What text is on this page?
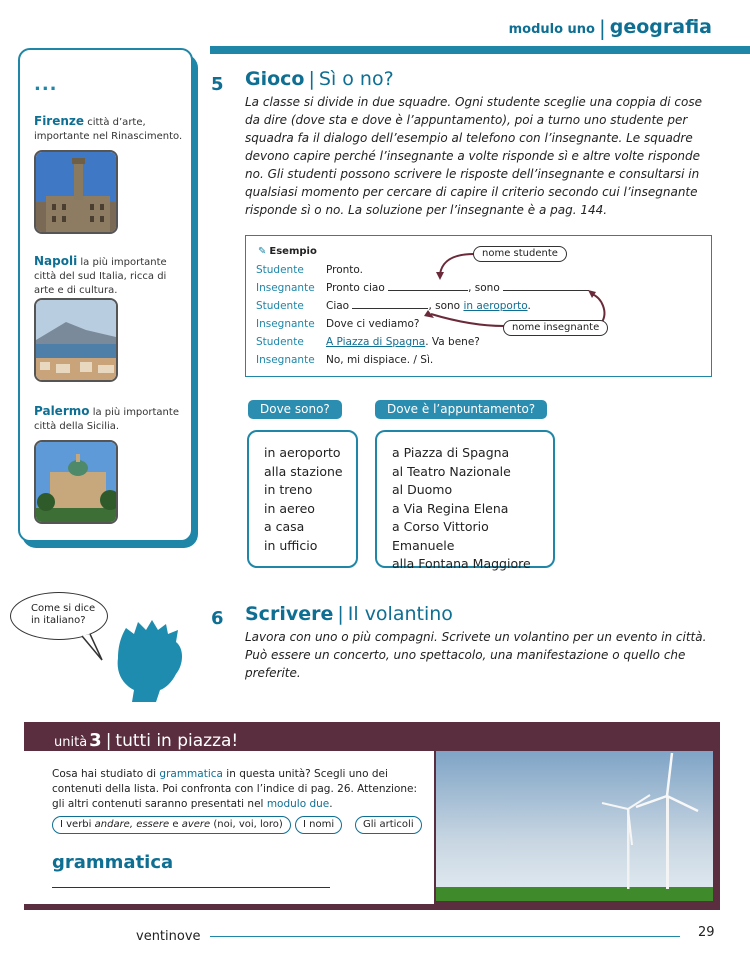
modulo uno | geografia
...
Firenze città d’arte, importante nel Rinascimento.
Napoli la più importante città del sud Italia, ricca di arte e di cultura.
Palermo la più importante città della Sicilia.
5 Gioco | Sì o no?
La classe si divide in due squadre. Ogni studente sceglie una coppia di cose da dire (dove sta e dove è l’appuntamento), poi a turno uno studente per squadra fa il dialogo dell’esempio al telefono con l’insegnante. Le squadre devono capire perché l’insegnante a volte risponde sì e altre volte risponde no. Gli studenti possono scrivere le risposte dell’insegnante e consultarsi in qualsiasi momento per cercare di capire il criterio secondo cui l’insegnante risponde sì o no. La soluzione per l’insegnante è a pag. 144.
✎ Esempio
Studente	Pronto.
Insegnante	Pronto ciao	, sono
Studente	Ciao	, sono in aeroporto.
Insegnante	Dove ci vediamo?
Studente	A Piazza di Spagna. Va bene?
Insegnante	No, mi dispiace. / Sì.
nome studente
nome insegnante
Dove sono?	Dove è l’appuntamento?
in aeroporto
alla stazione
in treno
in aereo
a casa
in ufficio
a Piazza di Spagna
al Teatro Nazionale
al Duomo
a Via Regina Elena
a Corso Vittorio Emanuele
alla Fontana Maggiore
Come si dice
in italiano?	6 Scrivere | Il volantino
Lavora con uno o più compagni. Scrivete un volantino per un evento in città. Può essere un concerto, uno spettacolo, una manifestazione o quello che preferite.
unità 3 | tutti in piazza!
Cosa hai studiato di grammatica in questa unità? Scegli uno dei contenuti della lista. Poi confronta con l’indice di pag. 26. Attenzione: gli altri contenuti saranno presentati nel modulo due.
I verbi andare, essere e avere (noi, voi, loro)	I nomi	Gli articoli
grammatica
ventinove	29
